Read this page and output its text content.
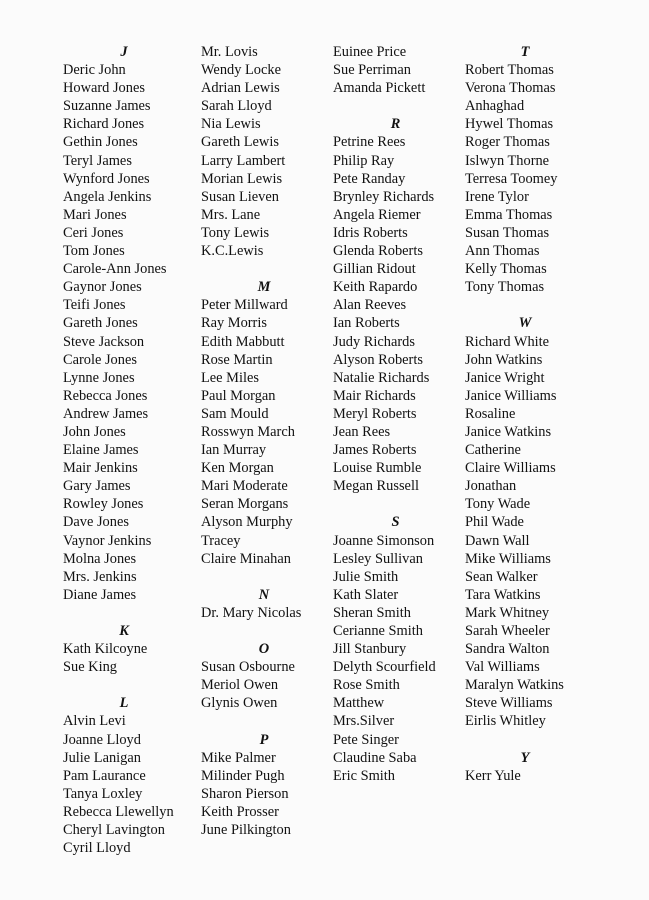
J
Deric John
Howard Jones
Suzanne James
Richard Jones
Gethin Jones
Teryl James
Wynford Jones
Angela Jenkins
Mari Jones
Ceri Jones
Tom Jones
Carole-Ann Jones
Gaynor Jones
Teifi Jones
Gareth Jones
Steve Jackson
Carole Jones
Lynne Jones
Rebecca Jones
Andrew James
John Jones
Elaine James
Mair Jenkins
Gary James
Rowley Jones
Dave Jones
Vaynor Jenkins
Molna Jones
Mrs. Jenkins
Diane James
K
Kath Kilcoyne
Sue King
L
Alvin Levi
Joanne Lloyd
Julie Lanigan
Pam Laurance
Tanya Loxley
Rebecca Llewellyn
Cheryl Lavington
Cyril Lloyd
Mr. Lovis
Wendy Locke
Adrian Lewis
Sarah Lloyd
Nia Lewis
Gareth Lewis
Larry Lambert
Morian Lewis
Susan Lieven
Mrs. Lane
Tony Lewis
K.C.Lewis
M
Peter Millward
Ray Morris
Edith Mabbutt
Rose Martin
Lee Miles
Paul Morgan
Sam Mould
Rosswyn March
Ian Murray
Ken Morgan
Mari Moderate
Seran Morgans
Alyson Murphy
Tracey
Claire Minahan
N
Dr. Mary Nicolas
O
Susan Osbourne
Meriol Owen
Glynis Owen
P
Mike Palmer
Milinder Pugh
Sharon Pierson
Keith Prosser
June Pilkington
Euinee Price
Sue Perriman
Amanda Pickett
R
Petrine Rees
Philip Ray
Pete Randay
Brynley Richards
Angela Riemer
Idris Roberts
Glenda Roberts
Gillian Ridout
Keith Rapardo
Alan Reeves
Ian Roberts
Judy Richards
Alyson Roberts
Natalie Richards
Mair Richards
Meryl Roberts
Jean Rees
James Roberts
Louise Rumble
Megan Russell
S
Joanne Simonson
Lesley Sullivan
Julie Smith
Kath Slater
Sheran Smith
Cerianne Smith
Jill Stanbury
Delyth Scourfield
Rose Smith
Matthew
Mrs.Silver
Pete Singer
Claudine Saba
Eric Smith
T
Robert Thomas
Verona Thomas
Anhaghad
Hywel Thomas
Roger Thomas
Islwyn Thorne
Terresa Toomey
Irene Tylor
Emma Thomas
Susan Thomas
Ann Thomas
Kelly Thomas
Tony Thomas
W
Richard White
John Watkins
Janice Wright
Janice Williams
Rosaline
Janice Watkins
Catherine
Claire Williams
Jonathan
Tony Wade
Phil Wade
Dawn Wall
Mike Williams
Sean Walker
Tara Watkins
Mark Whitney
Sarah Wheeler
Sandra Walton
Val Williams
Maralyn Watkins
Steve Williams
Eirlis Whitley
Y
Kerr Yule
